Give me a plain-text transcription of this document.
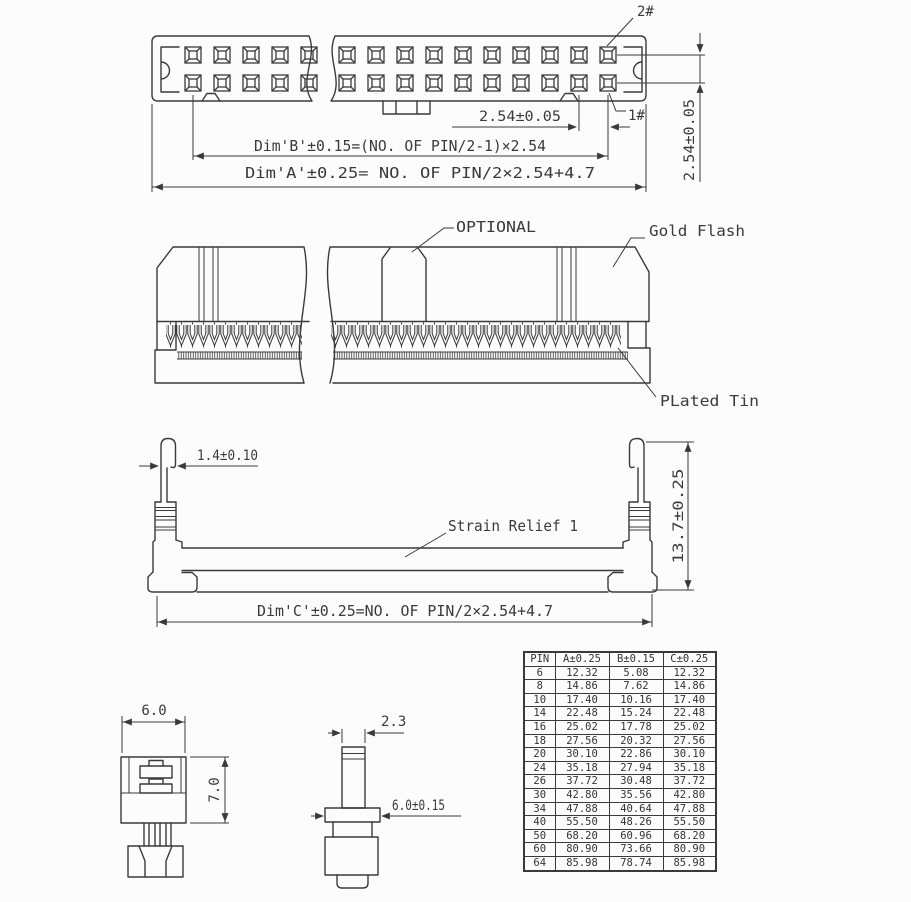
2#
1#
2.54±0.05	2.54±0.05
Dim'B'±0.15=(NO. OF PIN/2-1)×2.54
Dim'A'±0.25= NO. OF PIN/2×2.54+4.7
OPTIONAL	Gold Flash
PLated Tin
1.4±0.10
Strain Relief 1	13.7±0.25
Dim'C'±0.25=NO. OF PIN/2×2.54+4.7
6.0
7.0
2.3
6.0±0.15
PIN	A±0.25	B±0.15	C±0.25
6	12.32	5.08	12.32
8	14.86	7.62	14.86
10	17.40	10.16	17.40
14	22.48	15.24	22.48
16	25.02	17.78	25.02
18	27.56	20.32	27.56
20	30.10	22.86	30.10
24	35.18	27.94	35.18
26	37.72	30.48	37.72
30	42.80	35.56	42.80
34	47.88	40.64	47.88
40	55.50	48.26	55.50
50	68.20	60.96	68.20
60	80.90	73.66	80.90
64	85.98	78.74	85.98
